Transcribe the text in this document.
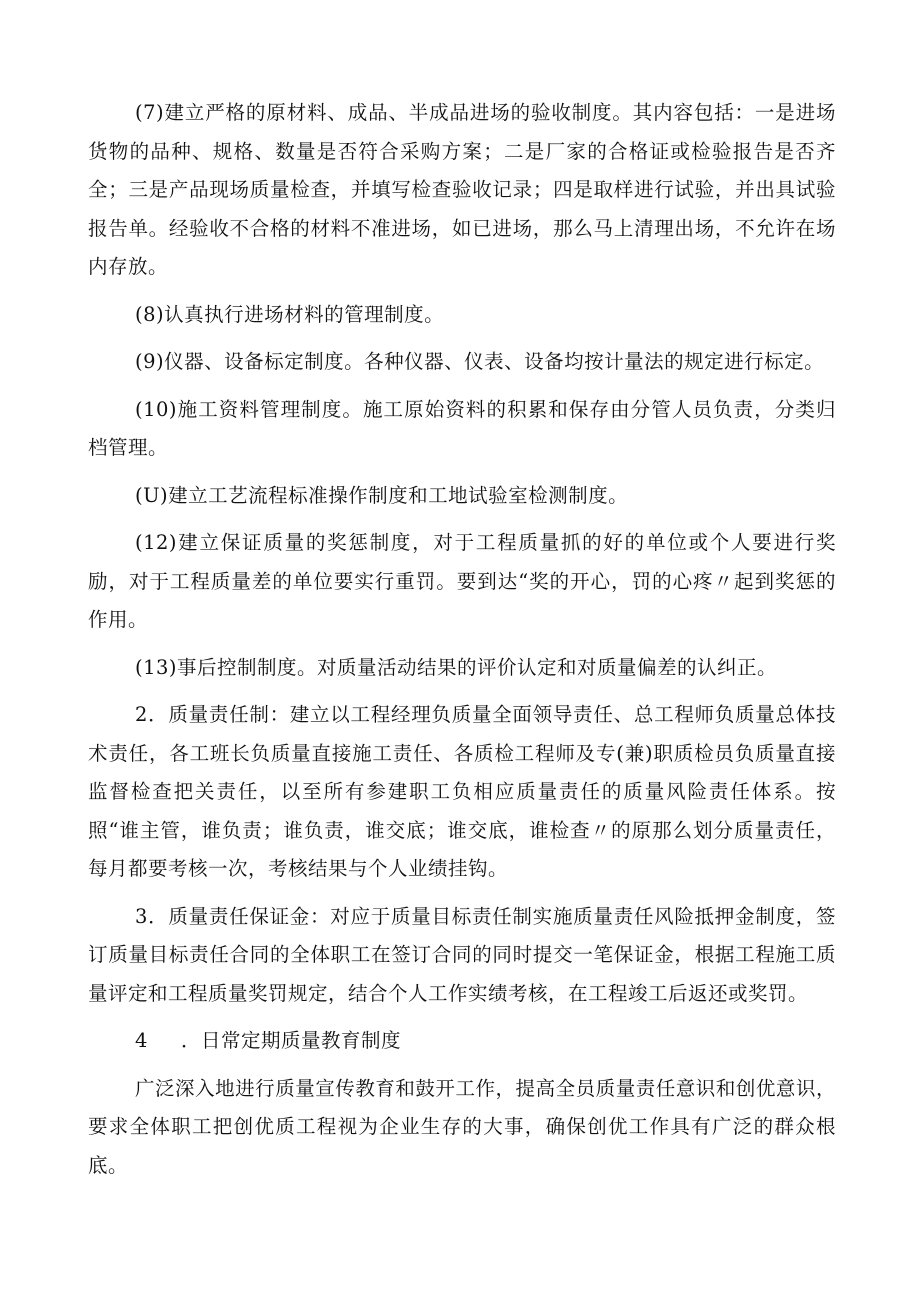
(7)建立严格的原材料、成品、半成品进场的验收制度。其内容包括：一是进场货物的品种、规格、数量是否符合采购方案；二是厂家的合格证或检验报告是否齐全；三是产品现场质量检查，并填写检查验收记录；四是取样进行试验，并出具试验报告单。经验收不合格的材料不准进场，如已进场，那么马上清理出场，不允许在场内存放。

(8)认真执行进场材料的管理制度。

(9)仪器、设备标定制度。各种仪器、仪表、设备均按计量法的规定进行标定。

(10)施工资料管理制度。施工原始资料的积累和保存由分管人员负责，分类归档管理。

(U)建立工艺流程标准操作制度和工地试验室检测制度。

(12)建立保证质量的奖惩制度，对于工程质量抓的好的单位或个人要进行奖励，对于工程质量差的单位要实行重罚。要到达“奖的开心，罚的心疼〃起到奖惩的作用。

(13)事后控制制度。对质量活动结果的评价认定和对质量偏差的认纠正。

2．质量责任制：建立以工程经理负质量全面领导责任、总工程师负质量总体技术责任，各工班长负质量直接施工责任、各质检工程师及专(兼)职质检员负质量直接监督检查把关责任，以至所有参建职工负相应质量责任的质量风险责任体系。按照“谁主管，谁负责；谁负责，谁交底；谁交底，谁检查〃的原那么划分质量责任，每月都要考核一次，考核结果与个人业绩挂钩。

3．质量责任保证金：对应于质量目标责任制实施质量责任风险抵押金制度，签订质量目标责任合同的全体职工在签订合同的同时提交一笔保证金，根据工程施工质量评定和工程质量奖罚规定，结合个人工作实绩考核，在工程竣工后返还或奖罚。

4 ．日常定期质量教育制度

广泛深入地进行质量宣传教育和鼓开工作，提高全员质量责任意识和创优意识，要求全体职工把创优质工程视为企业生存的大事，确保创优工作具有广泛的群众根底。
